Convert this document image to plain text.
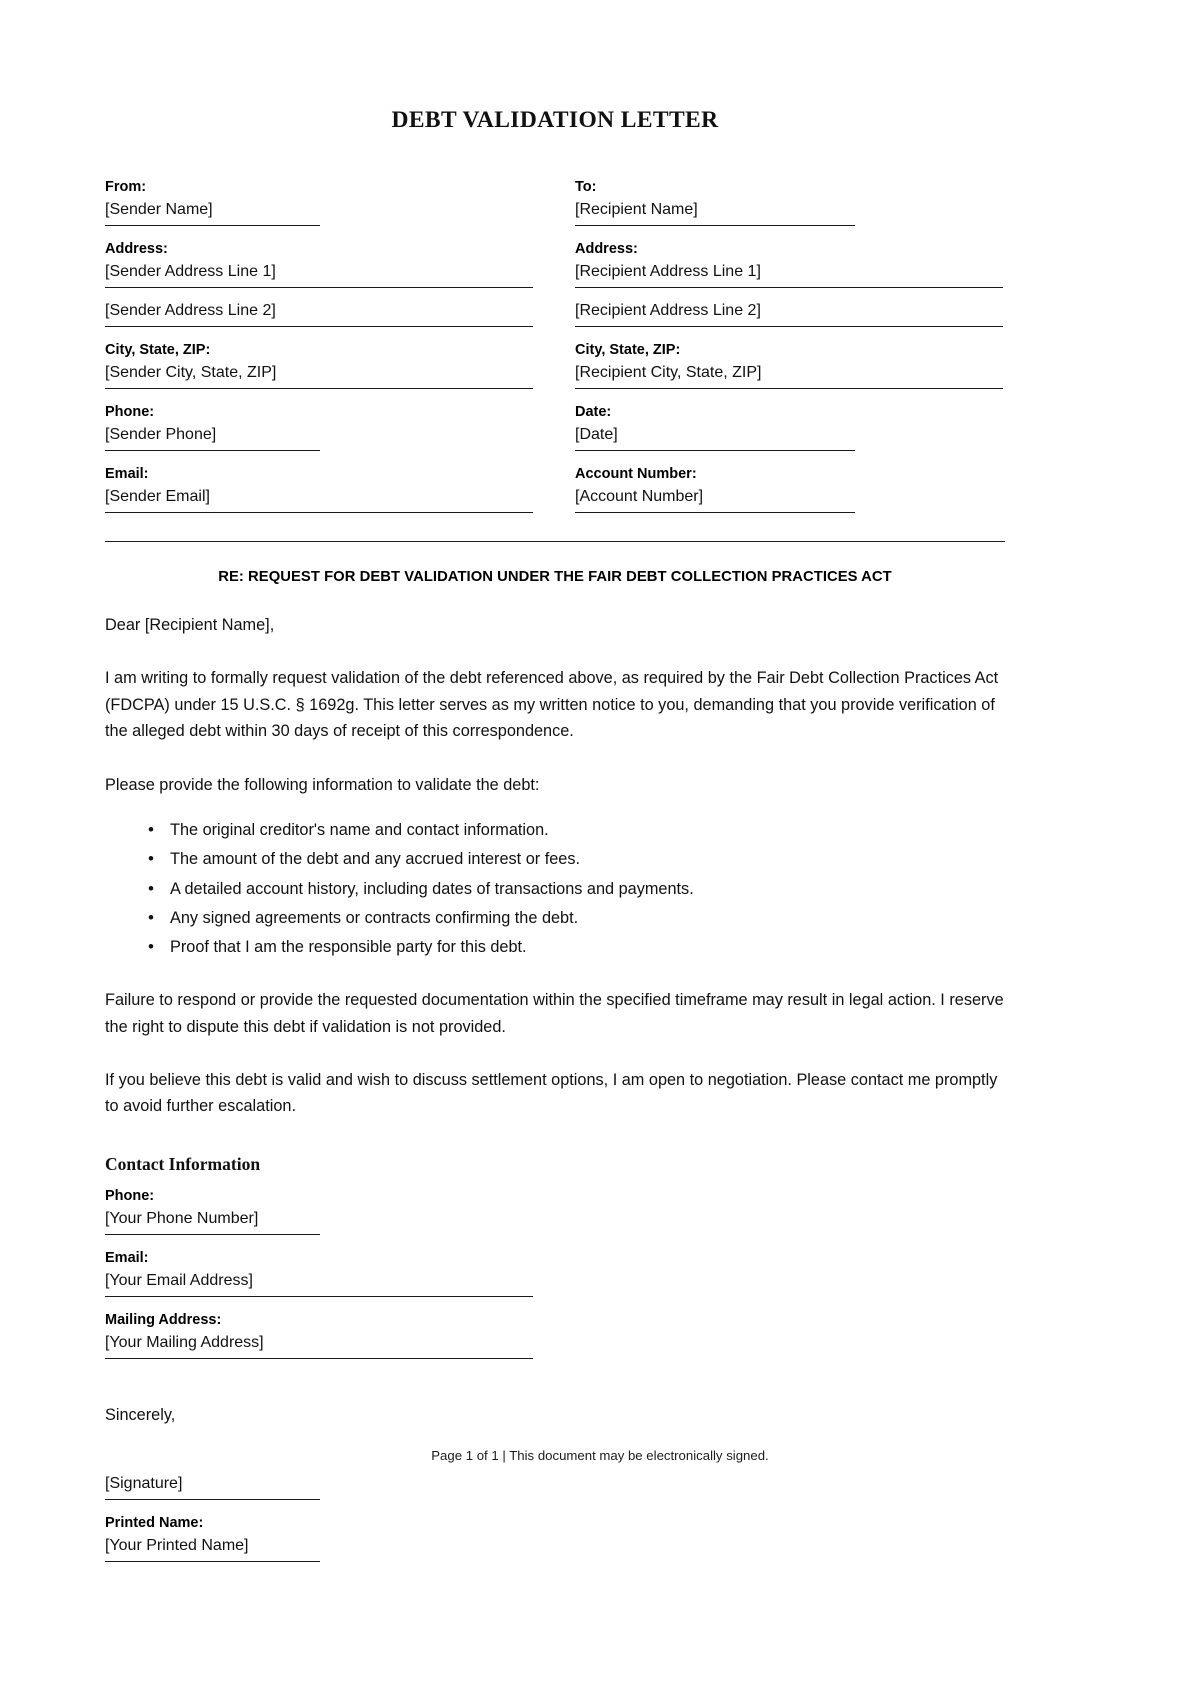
DEBT VALIDATION LETTER
From:
[Sender Name]
Address:
[Sender Address Line 1]
[Sender Address Line 2]
City, State, ZIP:
[Sender City, State, ZIP]
Phone:
[Sender Phone]
Email:
[Sender Email]
To:
[Recipient Name]
Address:
[Recipient Address Line 1]
[Recipient Address Line 2]
City, State, ZIP:
[Recipient City, State, ZIP]
Date:
[Date]
Account Number:
[Account Number]
RE: REQUEST FOR DEBT VALIDATION UNDER THE FAIR DEBT COLLECTION PRACTICES ACT
Dear [Recipient Name],
I am writing to formally request validation of the debt referenced above, as required by the Fair Debt Collection Practices Act (FDCPA) under 15 U.S.C. § 1692g. This letter serves as my written notice to you, demanding that you provide verification of the alleged debt within 30 days of receipt of this correspondence.
Please provide the following information to validate the debt:
• The original creditor's name and contact information.
• The amount of the debt and any accrued interest or fees.
• A detailed account history, including dates of transactions and payments.
• Any signed agreements or contracts confirming the debt.
• Proof that I am the responsible party for this debt.
Failure to respond or provide the requested documentation within the specified timeframe may result in legal action. I reserve the right to dispute this debt if validation is not provided.
If you believe this debt is valid and wish to discuss settlement options, I am open to negotiation. Please contact me promptly to avoid further escalation.
Contact Information
Phone:
[Your Phone Number]
Email:
[Your Email Address]
Mailing Address:
[Your Mailing Address]
Sincerely,
[Signature]
Printed Name:
[Your Printed Name]
Page 1 of 1 | This document may be electronically signed.
